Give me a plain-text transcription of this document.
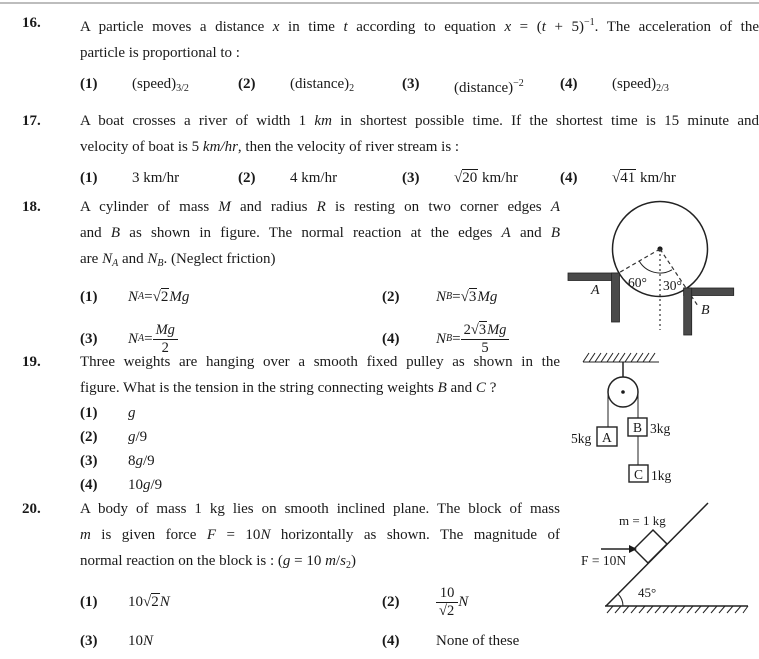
16.	A particle moves a distance x in time t according to equation $x = (t + 5)^{-1}$. The acceleration of the

particle is proportional to :

(1)	$(speed)_{3/2}$	(2)	$(distance)_2$	(3)	(distance)$^{-2}$	(4)	$(speed)_{2/3}$
17.	A boat crosses a river of width 1 km in shortest possible time. If the shortest time is 15 minute and

velocity of boat is 5 km/hr, then the velocity of river stream is :

(1)	3 km/hr	(2)	4 km/hr	(3)	√20 km/hr	(4)	√41 km/hr
18.	A cylinder of mass M and radius R is resting on two corner edges A

and B as shown in figure. The normal reaction at the edges A and B

are $N_A$ and $N_B$. (Neglect friction)

(1)	N A = √2 Mg	(2)	N B = √3 Mg
(3)	N $A = \frac{Mg}{2}$	(4)	N $B = \frac{2√3Mg}{5}$
60° 30°
A
B
19.	Three weights are hanging over a smooth fixed pulley as shown in the

figure. What is the tension in the string connecting weights B and C ?

(1)	g
(2)	g/9
(3)	8g/9
(4)	10g/9
A
B
C
5kg
3kg
1kg
20.	A body of mass 1 kg lies on smooth inclined plane. The block of mass

m is given force F = 10N horizontally as shown. The magnitude of

normal reaction on the block is : (g = 10 $m/s_2$)

(1)	10 √2 N	(2)	$\frac{10}{√2}$ N
(3)	10 N	(4)	None of these
m = 1 kg
F = 10N
45°
